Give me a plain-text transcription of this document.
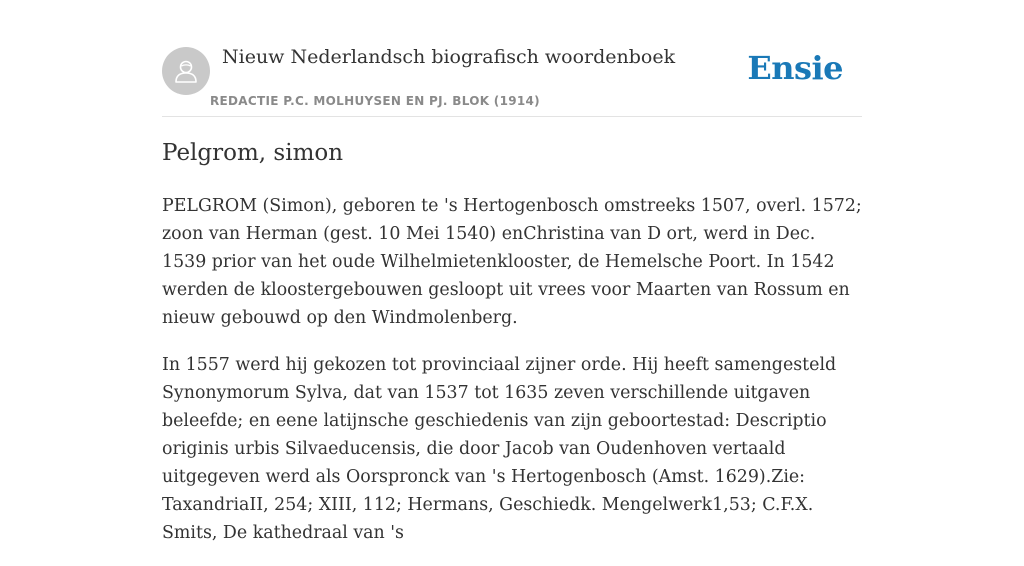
Nieuw Nederlandsch biografisch woordenboek
REDACTIE P.C. MOLHUYSEN EN PJ. BLOK (1914)
Ensie
Pelgrom, simon

PELGROM (Simon), geboren te 's Hertogenbosch omstreeks 1507, overl. 1572; zoon van Herman (gest. 10 Mei 1540) enChristina van D ort, werd in Dec. 1539 prior van het oude Wilhelmietenklooster, de Hemelsche Poort. In 1542 werden de kloostergebouwen gesloopt uit vrees voor Maarten van Rossum en nieuw gebouwd op den Windmolenberg.

In 1557 werd hij gekozen tot provinciaal zijner orde. Hij heeft samengesteld Synonymorum Sylva, dat van 1537 tot 1635 zeven verschillende uitgaven beleefde; en eene latijnsche geschiedenis van zijn geboortestad: Descriptio originis urbis Silvaeducensis, die door Jacob van Oudenhoven vertaald uitgegeven werd als Oorspronck van 's Hertogenbosch (Amst. 1629).Zie: TaxandriaII, 254; XIII, 112; Hermans, Geschiedk. Mengelwerk1,53; C.F.X. Smits, De kathedraal van 's
